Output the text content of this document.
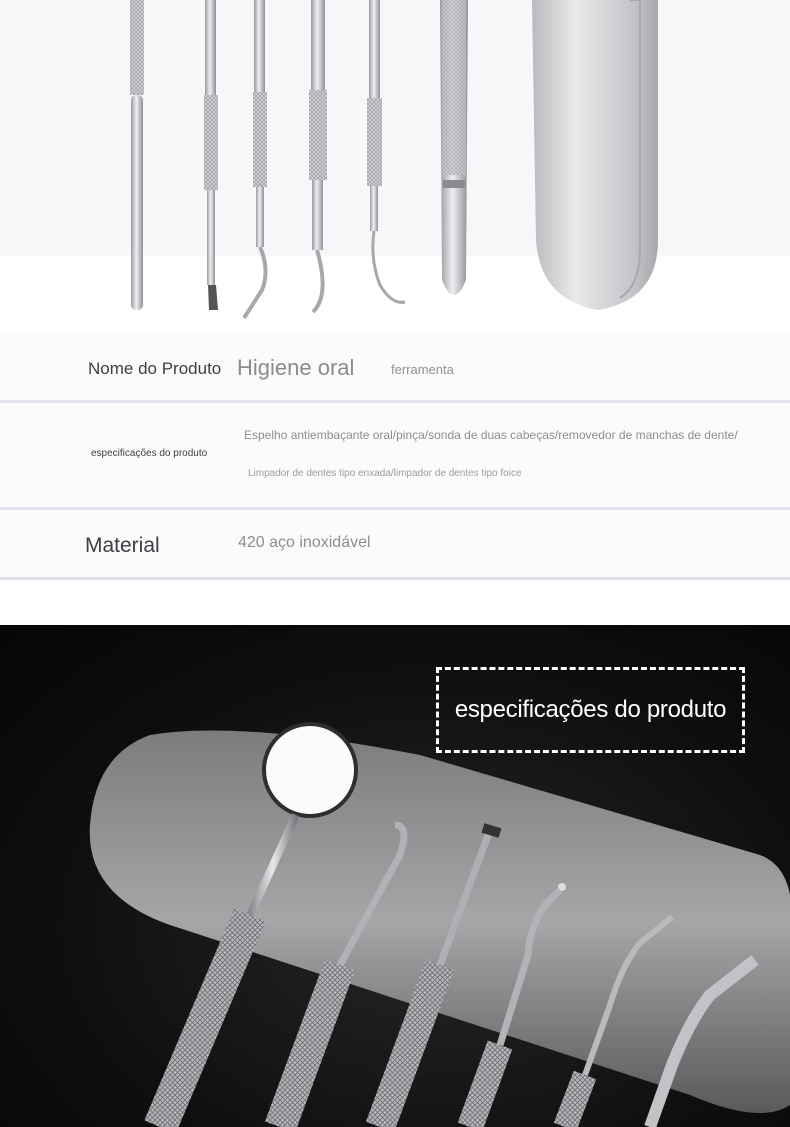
Nome do Produto Higiene oral	ferramenta
especificações do produto
Espelho antiembaçante oral/pinça/sonda de duas cabeças/removedor de manchas de dente/
Limpador de dentes tipo enxada/limpador de dentes tipo foice
Material	420 aço inoxidável
especificações do produto
